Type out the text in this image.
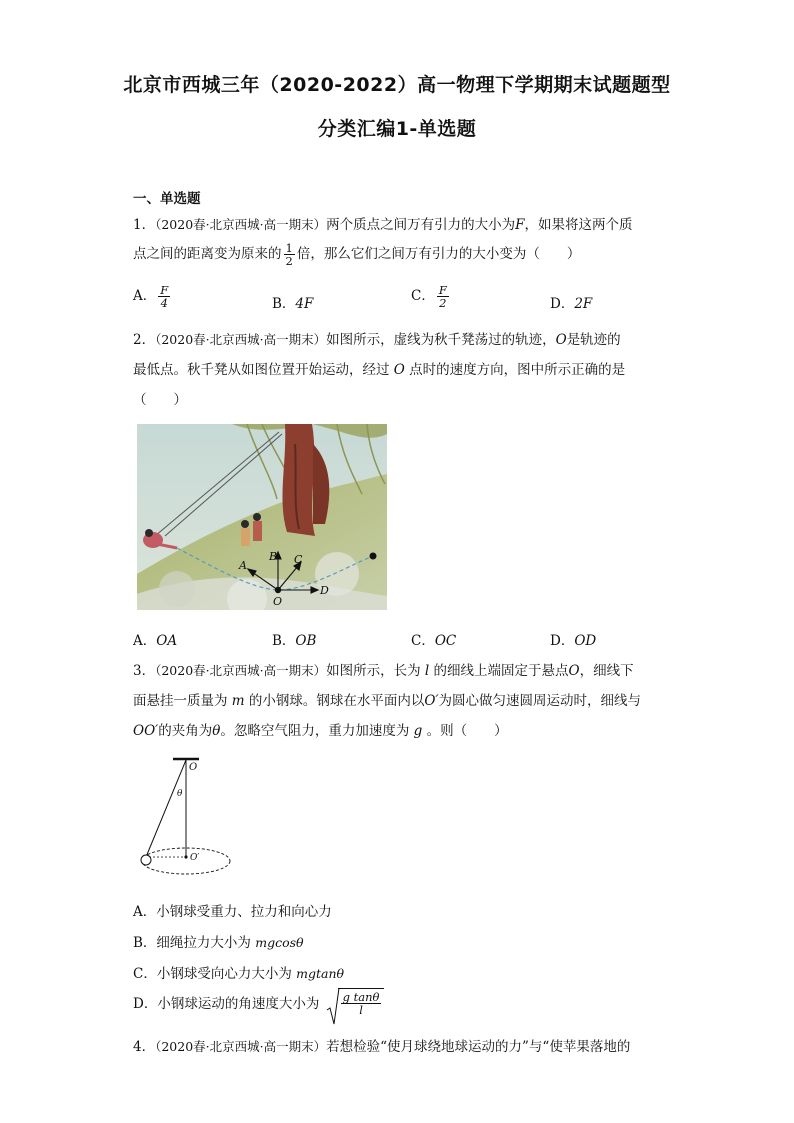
北京市西城三年（2020-2022）高一物理下学期期末试题题型
分类汇编1-单选题
一、单选题
1．（2020春·北京西城·高一期末）两个质点之间万有引力的大小为F，如果将这两个质
点之间的距离变为原来的 $\frac{1}{2}$ 倍，那么它们之间万有引力的大小变为（　　）
A． $\frac{F}{4}$	B．4F	C． $\frac{F}{2}$	D．2F
2．（2020春·北京西城·高一期末）如图所示，虚线为秋千凳荡过的轨迹，O是轨迹的
最低点。秋千凳从如图位置开始运动，经过 O 点时的速度方向，图中所示正确的是
（　　）
B
A	C
D
O
A．OA	B．OB	C．OC	D．OD
3．（2020春·北京西城·高一期末）如图所示，长为 l 的细线上端固定于悬点O，细线下
面悬挂一质量为 m 的小钢球。钢球在水平面内以O′为圆心做匀速圆周运动时，细线与
OO′的夹角为θ。忽略空气阻力，重力加速度为 g 。则（　　）
O
θ
O′
A．小钢球受重力、拉力和向心力
B．细绳拉力大小为 mgcosθ
C．小钢球受向心力大小为 mgtanθ
D．小钢球运动的角速度大小为 $\frac{\text{g tanθ}}{l}$
4．（2020春·北京西城·高一期末）若想检验“使月球绕地球运动的力”与“使苹果落地的
